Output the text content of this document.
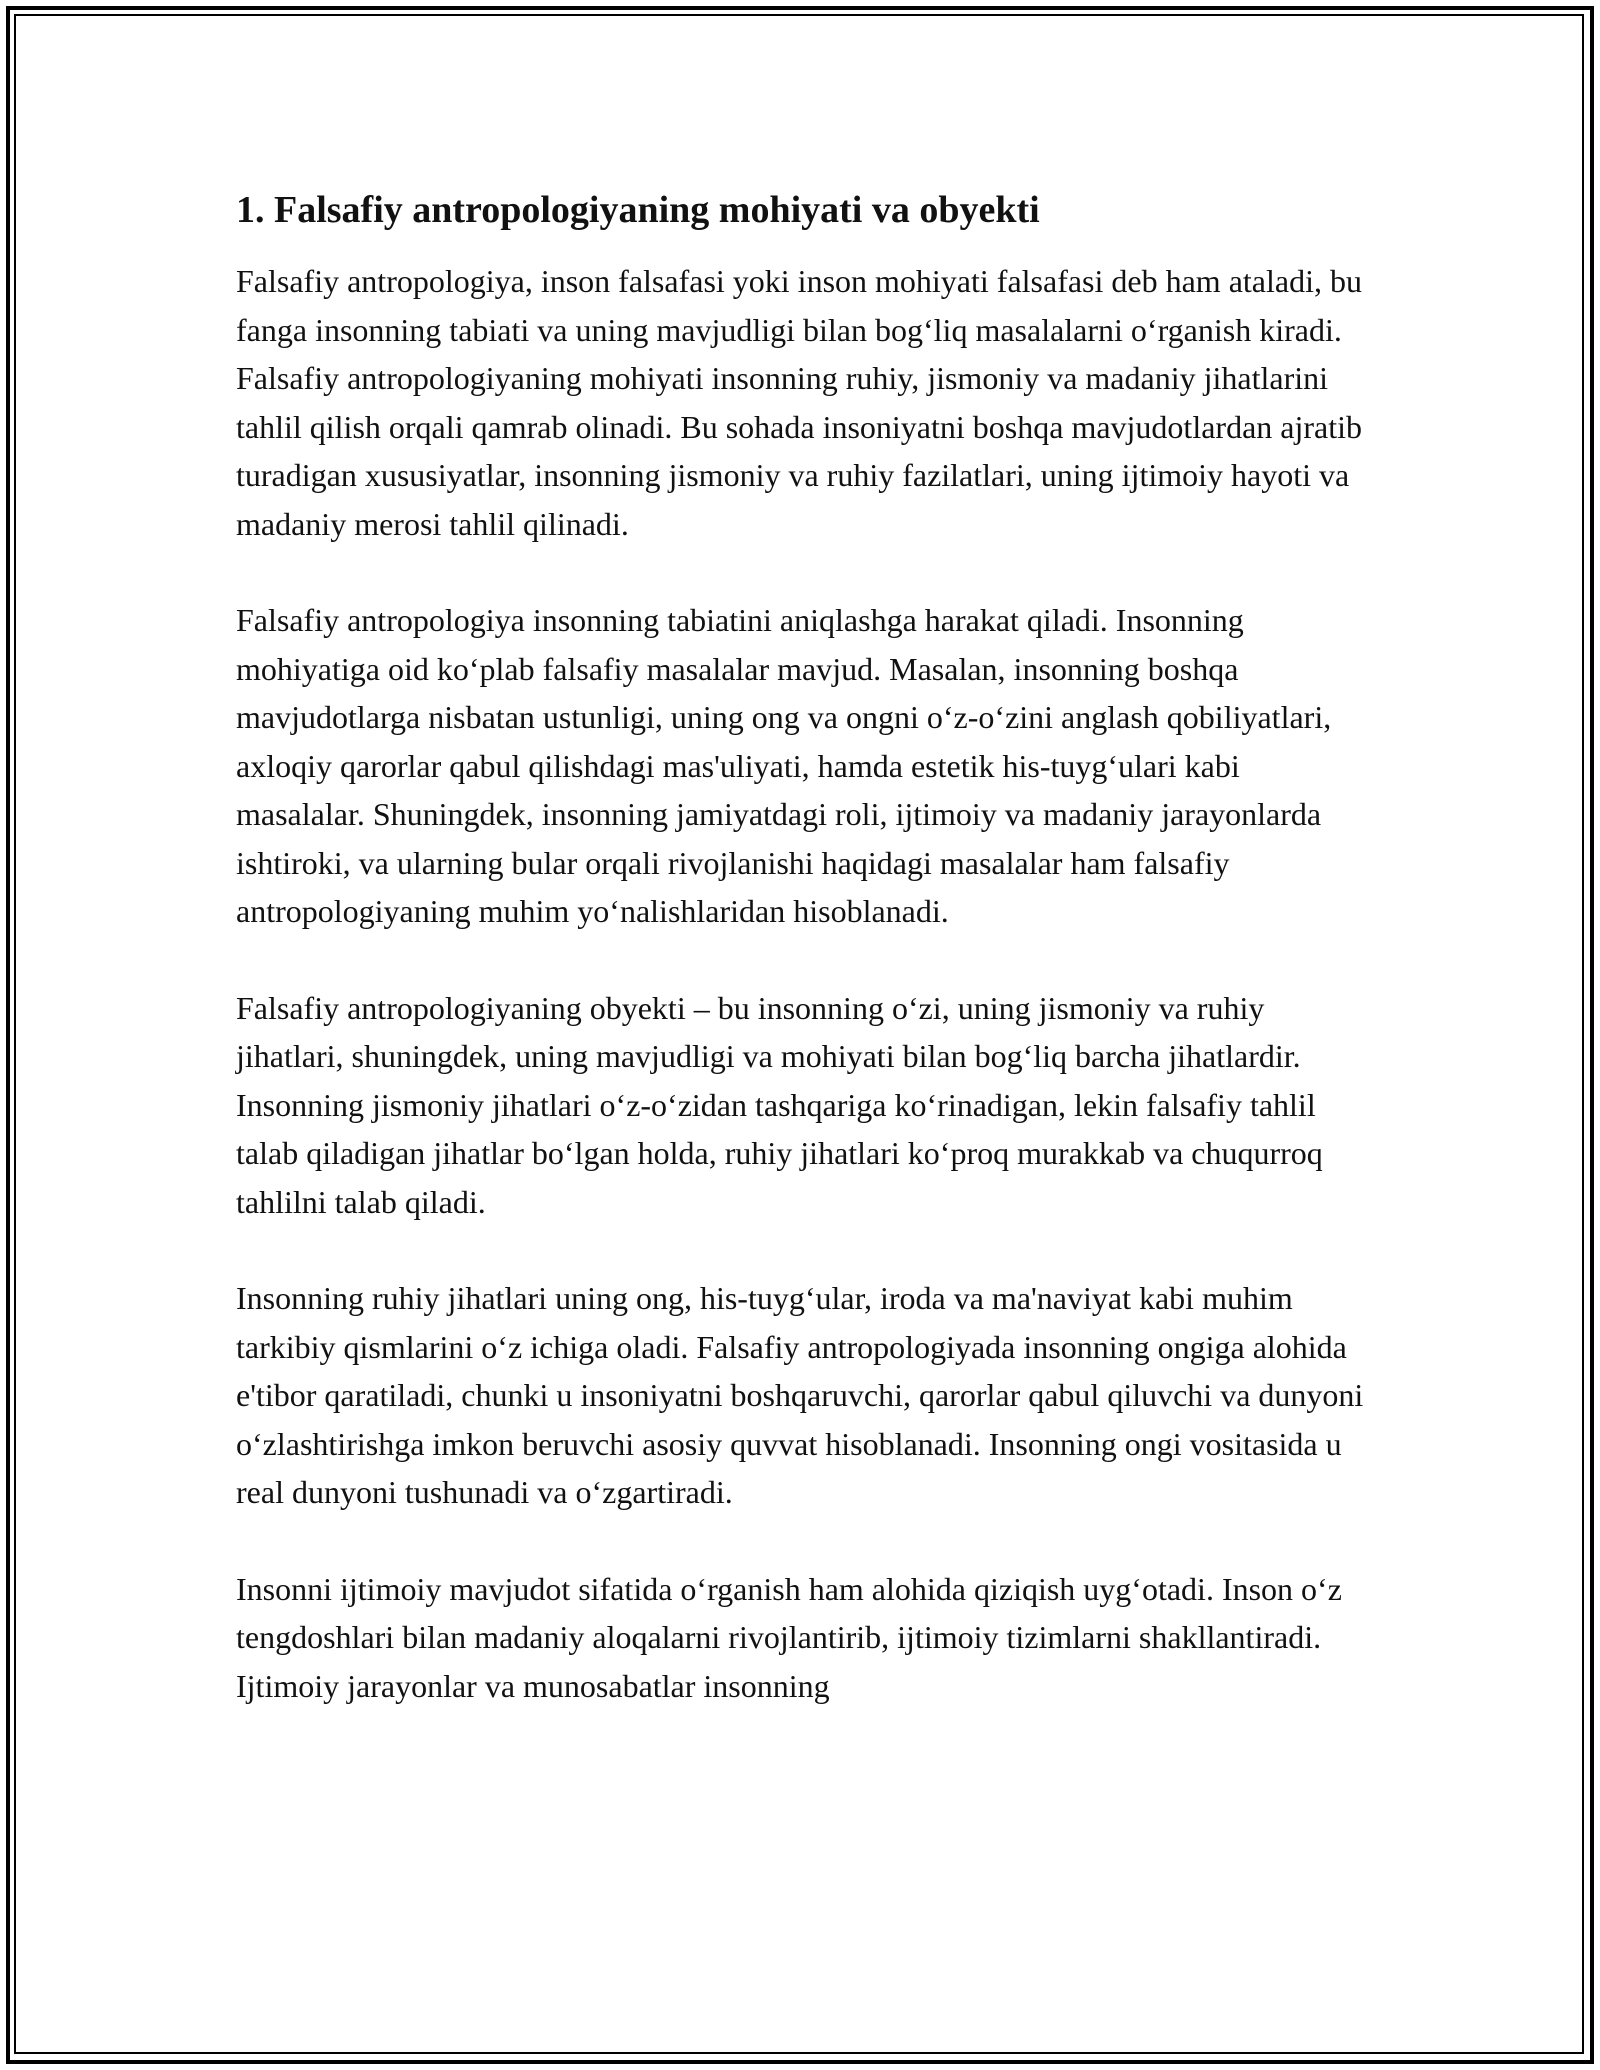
1. Falsafiy antropologiyaning mohiyati va obyekti

Falsafiy antropologiya, inson falsafasi yoki inson mohiyati falsafasi deb ham ataladi, bu fanga insonning tabiati va uning mavjudligi bilan bog‘liq masalalarni o‘rganish kiradi. Falsafiy antropologiyaning mohiyati insonning ruhiy, jismoniy va madaniy jihatlarini tahlil qilish orqali qamrab olinadi. Bu sohada insoniyatni boshqa mavjudotlardan ajratib turadigan xususiyatlar, insonning jismoniy va ruhiy fazilatlari, uning ijtimoiy hayoti va madaniy merosi tahlil qilinadi.

Falsafiy antropologiya insonning tabiatini aniqlashga harakat qiladi. Insonning mohiyatiga oid ko‘plab falsafiy masalalar mavjud. Masalan, insonning boshqa mavjudotlarga nisbatan ustunligi, uning ong va ongni o‘z-o‘zini anglash qobiliyatlari, axloqiy qarorlar qabul qilishdagi mas'uliyati, hamda estetik his-tuyg‘ulari kabi masalalar. Shuningdek, insonning jamiyatdagi roli, ijtimoiy va madaniy jarayonlarda ishtiroki, va ularning bular orqali rivojlanishi haqidagi masalalar ham falsafiy antropologiyaning muhim yo‘nalishlaridan hisoblanadi.

Falsafiy antropologiyaning obyekti – bu insonning o‘zi, uning jismoniy va ruhiy jihatlari, shuningdek, uning mavjudligi va mohiyati bilan bog‘liq barcha jihatlardir. Insonning jismoniy jihatlari o‘z-o‘zidan tashqariga ko‘rinadigan, lekin falsafiy tahlil talab qiladigan jihatlar bo‘lgan holda, ruhiy jihatlari ko‘proq murakkab va chuqurroq tahlilni talab qiladi.

Insonning ruhiy jihatlari uning ong, his-tuyg‘ular, iroda va ma'naviyat kabi muhim tarkibiy qismlarini o‘z ichiga oladi. Falsafiy antropologiyada insonning ongiga alohida e'tibor qaratiladi, chunki u insoniyatni boshqaruvchi, qarorlar qabul qiluvchi va dunyoni o‘zlashtirishga imkon beruvchi asosiy quvvat hisoblanadi. Insonning ongi vositasida u real dunyoni tushunadi va o‘zgartiradi.

Insonni ijtimoiy mavjudot sifatida o‘rganish ham alohida qiziqish uyg‘otadi. Inson o‘z tengdoshlari bilan madaniy aloqalarni rivojlantirib, ijtimoiy tizimlarni shakllantiradi. Ijtimoiy jarayonlar va munosabatlar insonning
